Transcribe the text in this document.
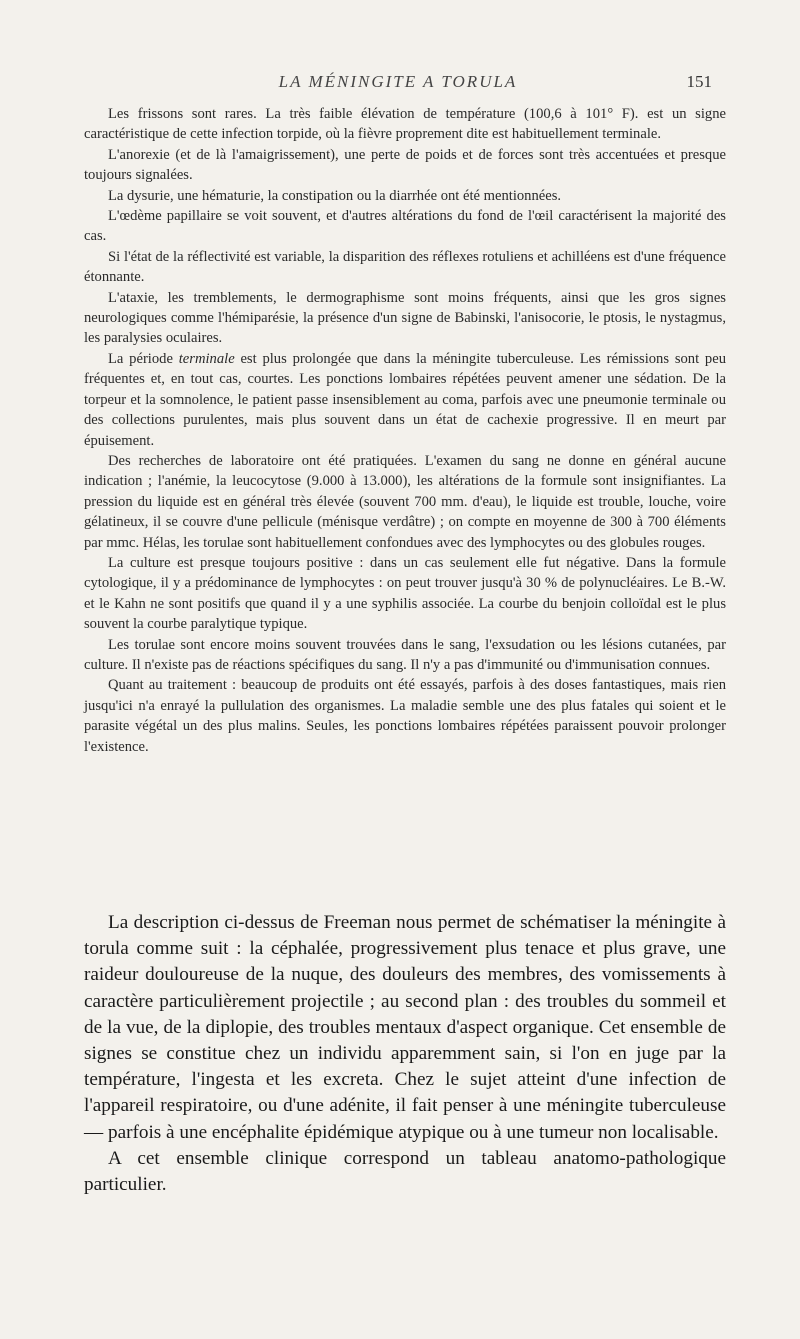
LA MÉNINGITE A TORULA	151

Les frissons sont rares. La très faible élévation de température (100,6 à 101° F). est un signe caractéristique de cette infection torpide, où la fièvre proprement dite est habituellement terminale.

L'anorexie (et de là l'amaigrissement), une perte de poids et de forces sont très accentuées et presque toujours signalées.

La dysurie, une hématurie, la constipation ou la diarrhée ont été mentionnées.

L'œdème papillaire se voit souvent, et d'autres altérations du fond de l'œil caractérisent la majorité des cas.

Si l'état de la réflectivité est variable, la disparition des réflexes rotuliens et achilléens est d'une fréquence étonnante.

L'ataxie, les tremblements, le dermographisme sont moins fréquents, ainsi que les gros signes neurologiques comme l'hémiparésie, la présence d'un signe de Babinski, l'anisocorie, le ptosis, le nystagmus, les paralysies oculaires.

La période terminale est plus prolongée que dans la méningite tuberculeuse. Les rémissions sont peu fréquentes et, en tout cas, courtes. Les ponctions lombaires répétées peuvent amener une sédation. De la torpeur et la somnolence, le patient passe insensiblement au coma, parfois avec une pneumonie terminale ou des collections purulentes, mais plus souvent dans un état de cachexie progressive. Il en meurt par épuisement.

Des recherches de laboratoire ont été pratiquées. L'examen du sang ne donne en général aucune indication ; l'anémie, la leucocytose (9.000 à 13.000), les altérations de la formule sont insignifiantes. La pression du liquide est en général très élevée (souvent 700 mm. d'eau), le liquide est trouble, louche, voire gélatineux, il se couvre d'une pellicule (ménisque verdâtre) ; on compte en moyenne de 300 à 700 éléments par mmc. Hélas, les torulae sont habituellement confondues avec des lymphocytes ou des globules rouges.

La culture est presque toujours positive : dans un cas seulement elle fut négative. Dans la formule cytologique, il y a prédominance de lymphocytes : on peut trouver jusqu'à 30 % de polynucléaires. Le B.-W. et le Kahn ne sont positifs que quand il y a une syphilis associée. La courbe du benjoin colloïdal est le plus souvent la courbe paralytique typique.

Les torulae sont encore moins souvent trouvées dans le sang, l'exsudation ou les lésions cutanées, par culture. Il n'existe pas de réactions spécifiques du sang. Il n'y a pas d'immunité ou d'immunisation connues.

Quant au traitement : beaucoup de produits ont été essayés, parfois à des doses fantastiques, mais rien jusqu'ici n'a enrayé la pullulation des organismes. La maladie semble une des plus fatales qui soient et le parasite végétal un des plus malins. Seules, les ponctions lombaires répétées paraissent pouvoir prolonger l'existence.

La description ci-dessus de Freeman nous permet de schématiser la méningite à torula comme suit : la céphalée, progressivement plus tenace et plus grave, une raideur douloureuse de la nuque, des douleurs des membres, des vomissements à caractère particulièrement projectile ; au second plan : des troubles du sommeil et de la vue, de la diplopie, des troubles mentaux d'aspect organique. Cet ensemble de signes se constitue chez un individu apparemment sain, si l'on en juge par la température, l'ingesta et les excreta. Chez le sujet atteint d'une infection de l'appareil respiratoire, ou d'une adénite, il fait penser à une méningite tuberculeuse — parfois à une encéphalite épidémique atypique ou à une tumeur non localisable.

A cet ensemble clinique correspond un tableau anatomo-pathologique particulier.
